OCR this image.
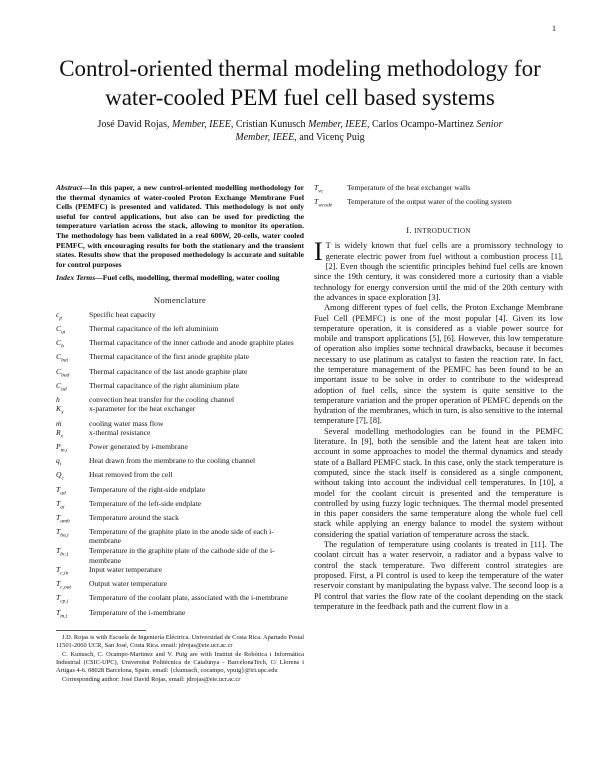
1
Control-oriented thermal modeling methodology for water-cooled PEM fuel cell based systems
José David Rojas, Member, IEEE, Cristian Kunusch Member, IEEE, Carlos Ocampo-Martinez Senior
Member, IEEE, and Vicenç Puig
Abstract—In this paper, a new control-oriented modelling methodology for the thermal dynamics of water-cooled Proton Exchange Membrane Fuel Cells (PEMFC) is presented and validated. This methodology is not only useful for control applications, but also can be used for predicting the temperature variation across the stack, allowing to monitor its operation. The methodology has been validated in a real 600W, 20-cells, water cooled PEMFC, with encouraging results for both the stationary and the transient states. Results show that the proposed methodology is accurate and suitable for control purposes
Index Terms—Fuel cells, modelling, thermal modelling, water cooling
Nomenclature
$c_p$	Specific heat capacity
$C_{ai}$	Thermal capacitance of the left aluminium
$C_b$	Thermal capacitance of the inner cathode and anode graphite plates
$C_{bai}$	Thermal capacitance of the first anode graphite plate
$C_{bad}$	Thermal capacitance of the last anode graphite plate
$C_{ad}$	Thermal capacitance of the right aluminium plate
h	convection heat transfer for the cooling channel
$K_x$	x-parameter for the heat exchanger
ṁ	cooling water mass flow
$R_x$	x-thermal resistance
$P_{m,i}$	Power generated by i-membrane
$q_i$	Heat drawn from the membrane to the cooling channel
$Q_c$	Heat removed from the cell
$T_{ad}$	Temperature of the right-side endplate
$T_{ai}$	Temperature of the left-side endplate
$T_{amb}$	Temperature around the stack
$T_{ba,i}$	Temperature of the graphite plate in the anode side of each i-membrane
$T_{bc,i}$	Temperature in the graphite plate of the cathode side of the i-membrane
$T_{c,in}$	Input water temperature
$T_{c,out}$	Output water temperature
$T_{cp,i}$	Temperature of the coolant plate, associated with the i-membrane
$T_{m,i}$	Temperature of the i-membrane

J.D. Rojas is with Escuela de Ingeniería Eléctrica. Universidad de Costa Rica. Apartado Postal 11501-2060 UCR, San José, Costa Rica. email: jdrojas@eie.ucr.ac.cr

C. Kunusch, C. Ocampo-Martinez and V. Puig are with Institut de Robòtica i Informàtica Industrial (CSIC-UPC), Universitat Politècnica de Catalunya - BarcelonaTech, C/ Llorens i Artigas 4-6. 08028 Barcelona, Spain. email: {ckunusch, cocampo, vpuig}@iri.upc.edu

Corresponding author: José David Rojas, email: jdrojas@eie.ucr.ac.cr

$T_{vc}$	Temperature of the heat exchanger walls
$T_{wcode}$	Temperature of the output water of the cooling system
I. INTRODUCTION

I T is widely known that fuel cells are a promissory technology to generate electric power from fuel without a combustion process [1], [2]. Even though the scientific principles behind fuel cells are known since the 19th century, it was considered more a curiosity than a viable technology for energy conversion until the mid of the 20th century with the advances in space exploration [3].

Among different types of fuel cells, the Proton Exchange Membrane Fuel Cell (PEMFC) is one of the most popular [4]. Given its low temperature operation, it is considered as a viable power source for mobile and transport applications [5], [6]. However, this low temperature of operation also implies some technical drawbacks, because it becomes necessary to use platinum as catalyst to fasten the reaction rate. In fact, the temperature management of the PEMFC has been found to be an important issue to be solve in order to contribute to the widespread adoption of fuel cells, since the system is quite sensitive to the temperature variation and the proper operation of PEMFC depends on the hydration of the membranes, which in turn, is also sensitive to the internal temperature [7], [8].

Several modelling methodologies can be found in the PEMFC literature. In [9], both the sensible and the latent heat are taken into account in some approaches to model the thermal dynamics and steady state of a Ballard PEMFC stack. In this case, only the stack temperature is computed, since the stack itself is considered as a single component, without taking into account the individual cell temperatures. In [10], a model for the coolant circuit is presented and the temperature is controlled by using fuzzy logic techniques. The thermal model presented in this paper considers the same temperature along the whole fuel cell stack while applying an energy balance to model the system without considering the spatial variation of temperature across the stack.

The regulation of temperature using coolants is treated in [11]. The coolant circuit has a water reservoir, a radiator and a bypass valve to control the stack temperature. Two different control strategies are proposed. First, a PI control is used to keep the temperature of the water reservoir constant by manipulating the bypass valve. The second loop is a PI control that varies the flow rate of the coolant depending on the stack temperature in the feedback path and the current flow in a
